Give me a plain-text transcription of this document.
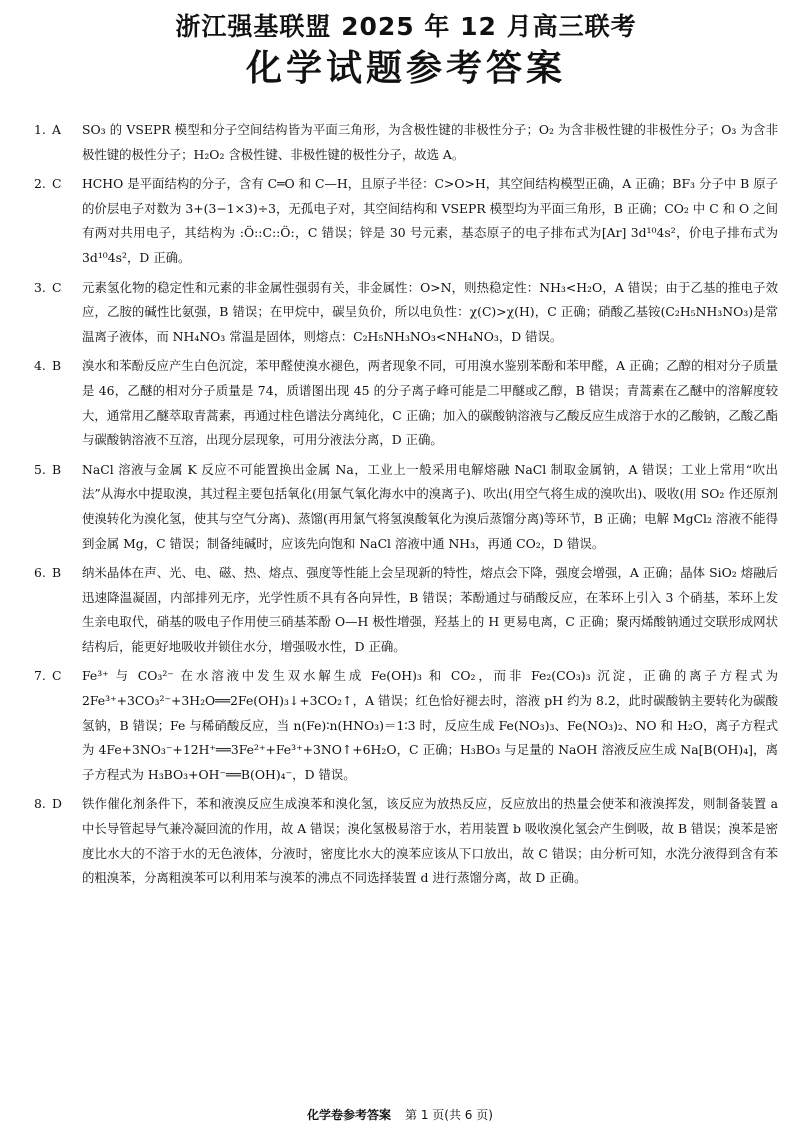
浙江强基联盟 2025 年 12 月高三联考
化学试题参考答案
1. A	SO₃ 的 VSEPR 模型和分子空间结构皆为平面三角形，为含极性键的非极性分子；O₂ 为含非极性键的非极性分子；O₃ 为含非极性键的极性分子；H₂O₂ 含极性键、非极性键的极性分子，故选 A。

2. C	HCHO 是平面结构的分子，含有 C═O 和 C—H，且原子半径：C>O>H，其空间结构模型正确，A 正确；BF₃ 分子中 B 原子的价层电子对数为 3+(3−1×3)÷3，无孤电子对，其空间结构和 VSEPR 模型均为平面三角形，B 正确；CO₂ 中 C 和 O 之间有两对共用电子，其结构为 :Ö::C::Ö:，C 错误；锌是 30 号元素，基态原子的电子排布式为[Ar] 3d¹⁰4s²，价电子排布式为 3d¹⁰4s²，D 正确。

3. C	元素氢化物的稳定性和元素的非金属性强弱有关，非金属性：O>N，则热稳定性：NH₃<H₂O，A 错误；由于乙基的推电子效应，乙胺的碱性比氨强，B 错误；在甲烷中，碳呈负价，所以电负性：χ(C)>χ(H)，C 正确；硝酸乙基铵(C₂H₅NH₃NO₃)是常温离子液体，而 NH₄NO₃ 常温是固体，则熔点：C₂H₅NH₃NO₃<NH₄NO₃，D 错误。

4. B	溴水和苯酚反应产生白色沉淀，苯甲醛使溴水褪色，两者现象不同，可用溴水鉴别苯酚和苯甲醛，A 正确；乙醇的相对分子质量是 46，乙醚的相对分子质量是 74，质谱图出现 45 的分子离子峰可能是二甲醚或乙醇，B 错误；青蒿素在乙醚中的溶解度较大，通常用乙醚萃取青蒿素，再通过柱色谱法分离纯化，C 正确；加入的碳酸钠溶液与乙酸反应生成溶于水的乙酸钠，乙酸乙酯与碳酸钠溶液不互溶，出现分层现象，可用分液法分离，D 正确。

5. B	NaCl 溶液与金属 K 反应不可能置换出金属 Na，工业上一般采用电解熔融 NaCl 制取金属钠，A 错误；工业上常用“吹出法”从海水中提取溴，其过程主要包括氧化(用氯气氧化海水中的溴离子)、吹出(用空气将生成的溴吹出)、吸收(用 SO₂ 作还原剂使溴转化为溴化氢，使其与空气分离)、蒸馏(再用氯气将氢溴酸氧化为溴后蒸馏分离)等环节，B 正确；电解 MgCl₂ 溶液不能得到金属 Mg，C 错误；制备纯碱时，应该先向饱和 NaCl 溶液中通 NH₃，再通 CO₂，D 错误。

6. B	纳米晶体在声、光、电、磁、热、熔点、强度等性能上会呈现新的特性，熔点会下降，强度会增强，A 正确；晶体 SiO₂ 熔融后迅速降温凝固，内部排列无序，光学性质不具有各向异性，B 错误；苯酚通过与硝酸反应，在苯环上引入 3 个硝基，苯环上发生亲电取代，硝基的吸电子作用使三硝基苯酚 O—H 极性增强，羟基上的 H 更易电离，C 正确；聚丙烯酸钠通过交联形成网状结构后，能更好地吸收并锁住水分，增强吸水性，D 正确。

7. C	Fe³⁺ 与 CO₃²⁻ 在水溶液中发生双水解生成 Fe(OH)₃ 和 CO₂，而非 Fe₂(CO₃)₃ 沉淀，正确的离子方程式为 2Fe³⁺+3CO₃²⁻+3H₂O══2Fe(OH)₃↓+3CO₂↑，A 错误；红色恰好褪去时，溶液 pH 约为 8.2，此时碳酸钠主要转化为碳酸氢钠，B 错误；Fe 与稀硝酸反应，当 n(Fe)∶n(HNO₃)＝1∶3 时，反应生成 Fe(NO₃)₃、Fe(NO₃)₂、NO 和 H₂O，离子方程式为 4Fe+3NO₃⁻+12H⁺══3Fe²⁺+Fe³⁺+3NO↑+6H₂O，C 正确；H₃BO₃ 与足量的 NaOH 溶液反应生成 Na[B(OH)₄]，离子方程式为 H₃BO₃+OH⁻══B(OH)₄⁻，D 错误。

8. D	铁作催化剂条件下，苯和液溴反应生成溴苯和溴化氢，该反应为放热反应，反应放出的热量会使苯和液溴挥发，则制备装置 a 中长导管起导气兼冷凝回流的作用，故 A 错误；溴化氢极易溶于水，若用装置 b 吸收溴化氢会产生倒吸，故 B 错误；溴苯是密度比水大的不溶于水的无色液体，分液时，密度比水大的溴苯应该从下口放出，故 C 错误；由分析可知，水洗分液得到含有苯的粗溴苯，分离粗溴苯可以利用苯与溴苯的沸点不同选择装置 d 进行蒸馏分离，故 D 正确。

化学卷参考答案 第 1 页(共 6 页)
